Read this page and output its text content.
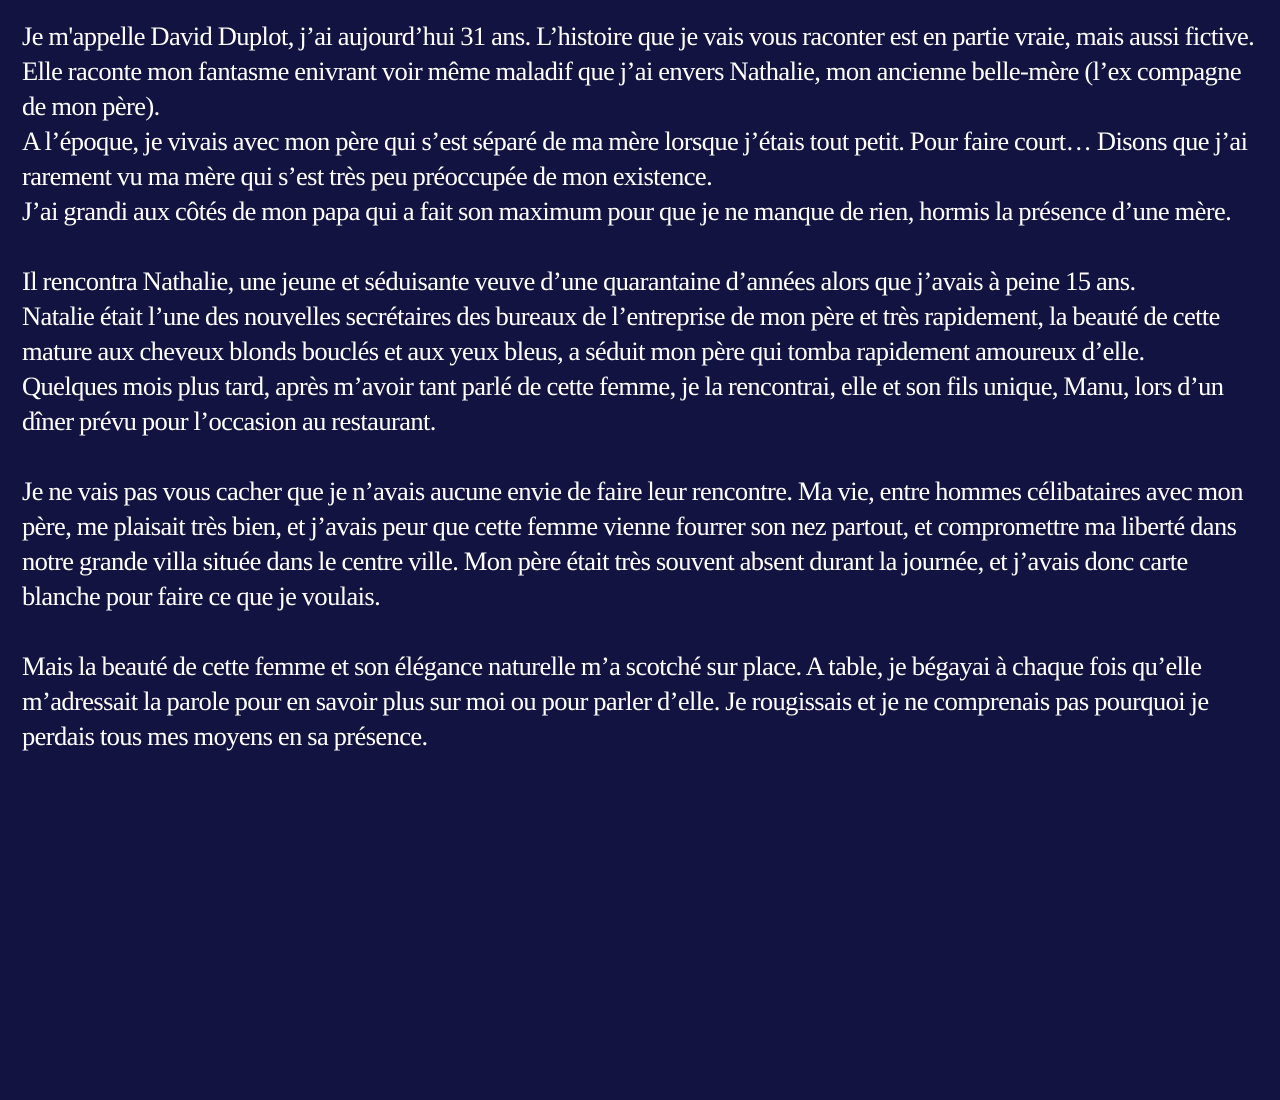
Je m'appelle David Duplot, j’ai aujourd’hui 31 ans. L’histoire que je vais vous raconter est en partie vraie, mais aussi fictive.
Elle raconte mon fantasme enivrant voir même maladif que j’ai envers Nathalie, mon ancienne belle-mère (l’ex compagne de mon père).
A l’époque, je vivais avec mon père qui s’est séparé de ma mère lorsque j’étais tout petit. Pour faire court… Disons que j’ai rarement vu ma mère qui s’est très peu préoccupée de mon existence.
J’ai grandi aux côtés de mon papa qui a fait son maximum pour que je ne manque de rien, hormis la présence d’une mère.

Il rencontra Nathalie, une jeune et séduisante veuve d’une quarantaine d’années alors que j’avais à peine 15 ans.
Natalie était l’une des nouvelles secrétaires des bureaux de l’entreprise de mon père et très rapidement, la beauté de cette mature aux cheveux blonds bouclés et aux yeux bleus, a séduit mon père qui tomba rapidement amoureux d’elle.
Quelques mois plus tard, après m’avoir tant parlé de cette femme, je la rencontrai, elle et son fils unique, Manu, lors d’un dîner prévu pour l’occasion au restaurant.

Je ne vais pas vous cacher que je n’avais aucune envie de faire leur rencontre. Ma vie, entre hommes célibataires avec mon père, me plaisait très bien, et j’avais peur que cette femme vienne fourrer son nez partout, et compromettre ma liberté dans notre grande villa située dans le centre ville. Mon père était très souvent absent durant la journée, et j’avais donc carte blanche pour faire ce que je voulais.

Mais la beauté de cette femme et son élégance naturelle m’a scotché sur place. A table, je bégayai à chaque fois qu’elle m’adressait la parole pour en savoir plus sur moi ou pour parler d’elle. Je rougissais et je ne comprenais pas pourquoi je perdais tous mes moyens en sa présence.
